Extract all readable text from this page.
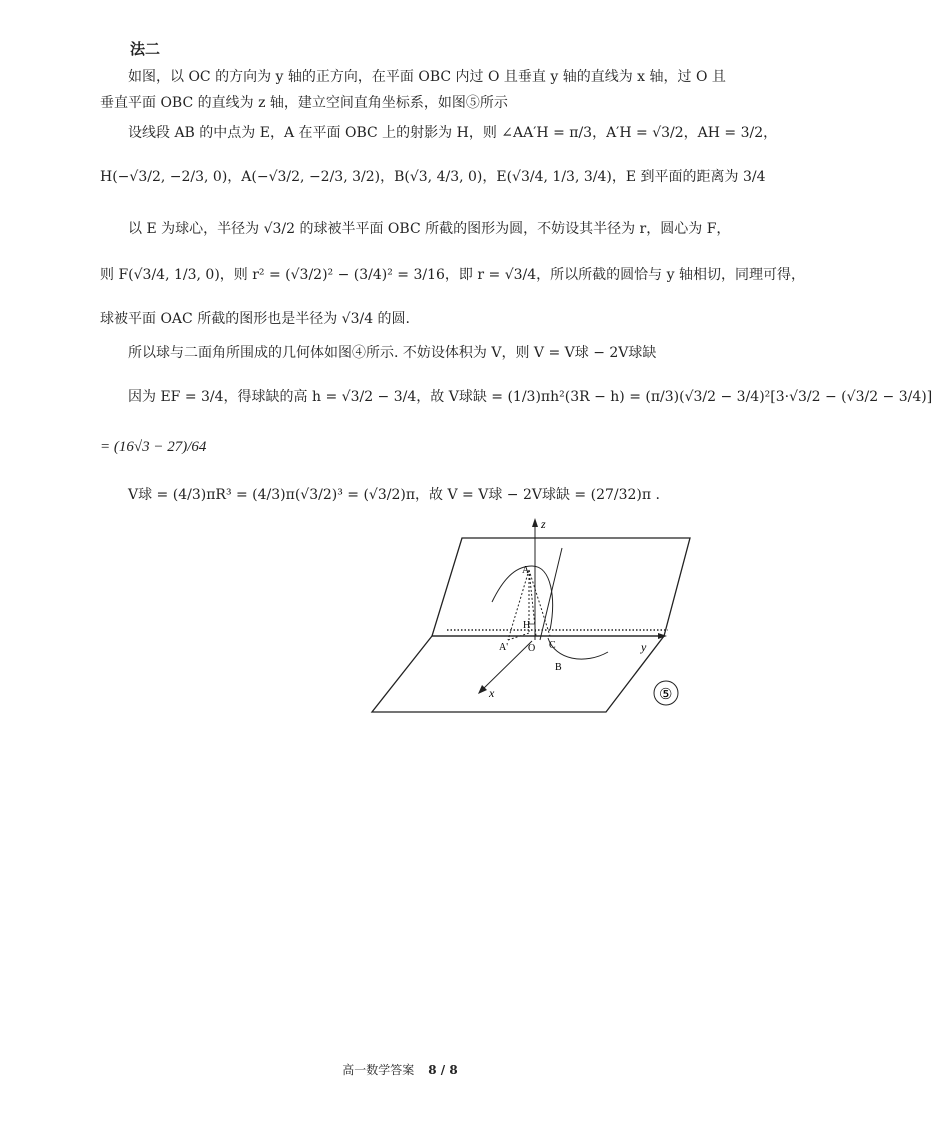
法二
如图，以 OC 的方向为 y 轴的正方向，在平面 OBC 内过 O 且垂直 y 轴的直线为 x 轴，过 O 且
垂直平面 OBC 的直线为 z 轴，建立空间直角坐标系，如图⑤所示
设线段 AB 的中点为 E，A 在平面 OBC 上的射影为 H，则 ∠AA′H = π/3，A′H = √3/2，AH = 3/2，
H(−√3/2, −2/3, 0)，A(−√3/2, −2/3, 3/2)，B(√3, 4/3, 0)，E(√3/4, 1/3, 3/4)，E 到平面的距离为 3/4
以 E 为球心，半径为 √3/2 的球被半平面 OBC 所截的图形为圆，不妨设其半径为 r，圆心为 F，
则 F(√3/4, 1/3, 0)，则 r² = (√3/2)² − (3/4)² = 3/16，即 r = √3/4，所以所截的圆恰与 y 轴相切，同理可得，
球被平面 OAC 所截的图形也是半径为 √3/4 的圆.
所以球与二面角所围成的几何体如图④所示. 不妨设体积为 V，则 V = V球 − 2V球缺
因为 EF = 3/4，得球缺的高 h = √3/2 − 3/4，故 V球缺 = (1/3)πh²(3R − h) = (π/3)(√3/2 − 3/4)²[3·√3/2 − (√3/2 − 3/4)]
= (16√3 − 27)/64
V球 = (4/3)πR³ = (4/3)π(√3/2)³ = (√3/2)π，故 V = V球 − 2V球缺 = (27/32)π .
z
y
x
A
A'
H
O C
B
⑤
高一数学答案 8 / 8
